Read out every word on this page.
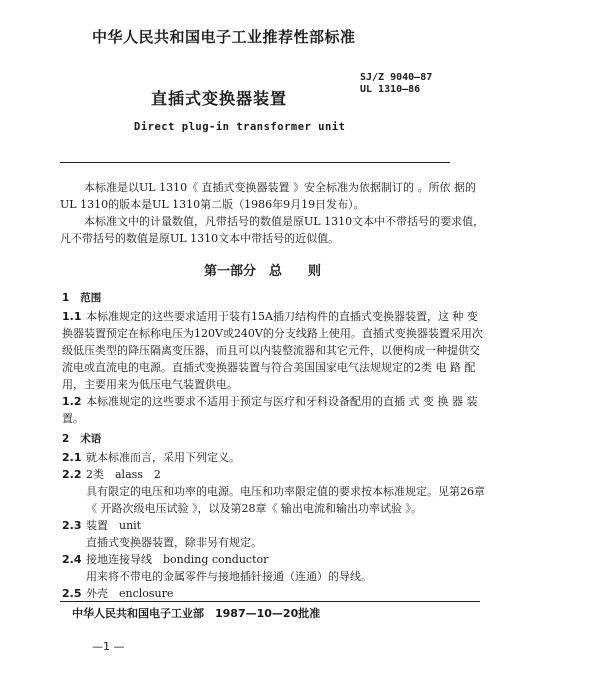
中华人民共和国电子工业推荐性部标准
SJ/Z 9040—87
UL 1310—86
直插式变换器装置
Direct plug-in transformer unit
本标准是以UL 1310《 直插式变换器装置 》安全标准为依据制订的 。所依 据的
UL 1310的版本是UL 1310第二版（1986年9月19日发布）。
本标准文中的计量数值，凡带括号的数值是原UL 1310文本中不带括号的要求值，
凡不带括号的数值是原UL 1310文本中带括号的近似值。
第一部分　总　　则
1 范围
1.1 本标准规定的这些要求适用于装有15A插刀结构件的直插式变换器装置，这 种 变
换器装置预定在标称电压为120V或240V的分支线路上使用。直插式变换器装置采用次
级低压类型的降压隔离变压器，而且可以内装整流器和其它元件，以便构成一种提供交
流电或直流电的电源。直插式变换器装置与符合美国国家电气法规规定的2类 电 路 配
用，主要用来为低压电气装置供电。
1.2 本标准规定的这些要求不适用于预定与医疗和牙科设备配用的直插 式 变 换 器 装
置。
2 术语
2.1 就本标准而言，采用下列定义。
2.2 2类　alass　2
具有限定的电压和功率的电源。电压和功率限定值的要求按本标准规定。见第26章
《 开路次级电压试验 》，以及第28章《 输出电流和输出功率试验 》。
2.3 装置　unit
直插式变换器装置，除非另有规定。
2.4 接地连接导线　bonding conductor
用来将不带电的金属零件与接地插针接通（连通）的导线。
2.5 外壳　enclosure
中华人民共和国电子工业部　1987—10—20批准
—1 —
